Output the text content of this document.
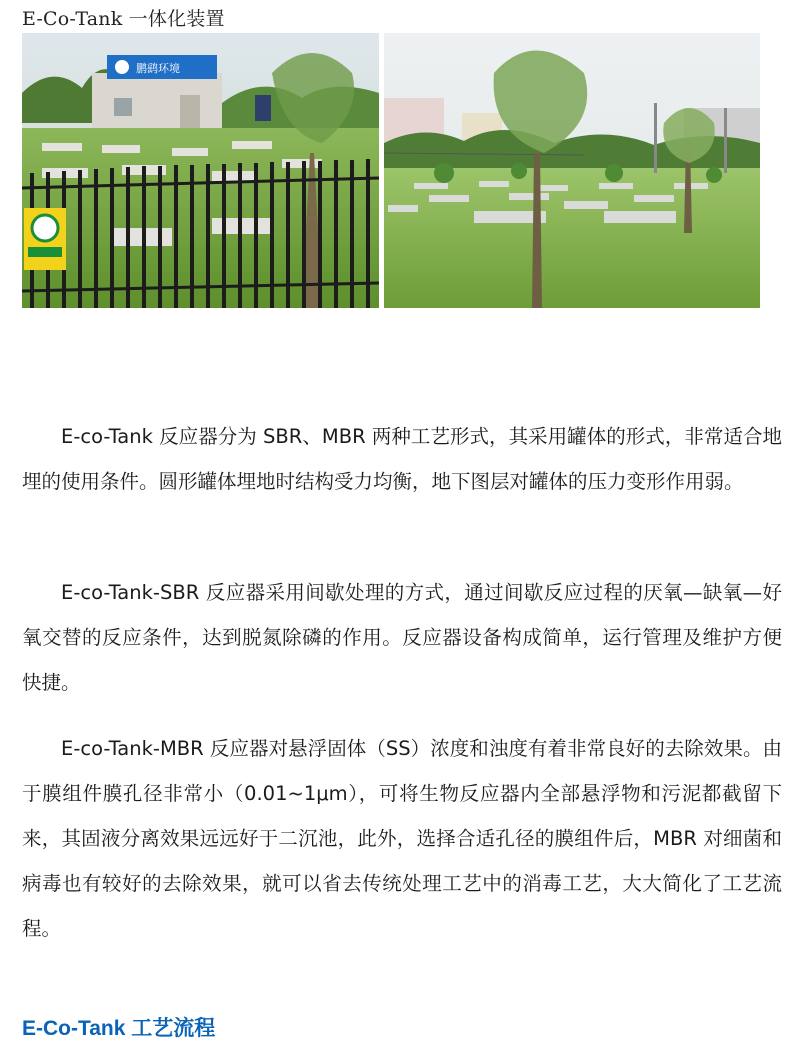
E-Co-Tank 一体化装置
鹏鹞环境

E-co-Tank 反应器分为 SBR、MBR 两种工艺形式，其采用罐体的形式，非常适合地埋的使用条件。圆形罐体埋地时结构受力均衡，地下图层对罐体的压力变形作用弱。

E-co-Tank-SBR 反应器采用间歇处理的方式，通过间歇反应过程的厌氧—缺氧—好氧交替的反应条件，达到脱氮除磷的作用。反应器设备构成简单，运行管理及维护方便快捷。

E-co-Tank-MBR 反应器对悬浮固体（SS）浓度和浊度有着非常良好的去除效果。由于膜组件膜孔径非常小（0.01~1μm），可将生物反应器内全部悬浮物和污泥都截留下来，其固液分离效果远远好于二沉池，此外，选择合适孔径的膜组件后，MBR 对细菌和病毒也有较好的去除效果，就可以省去传统处理工艺中的消毒工艺，大大简化了工艺流程。

E-Co-Tank 工艺流程
